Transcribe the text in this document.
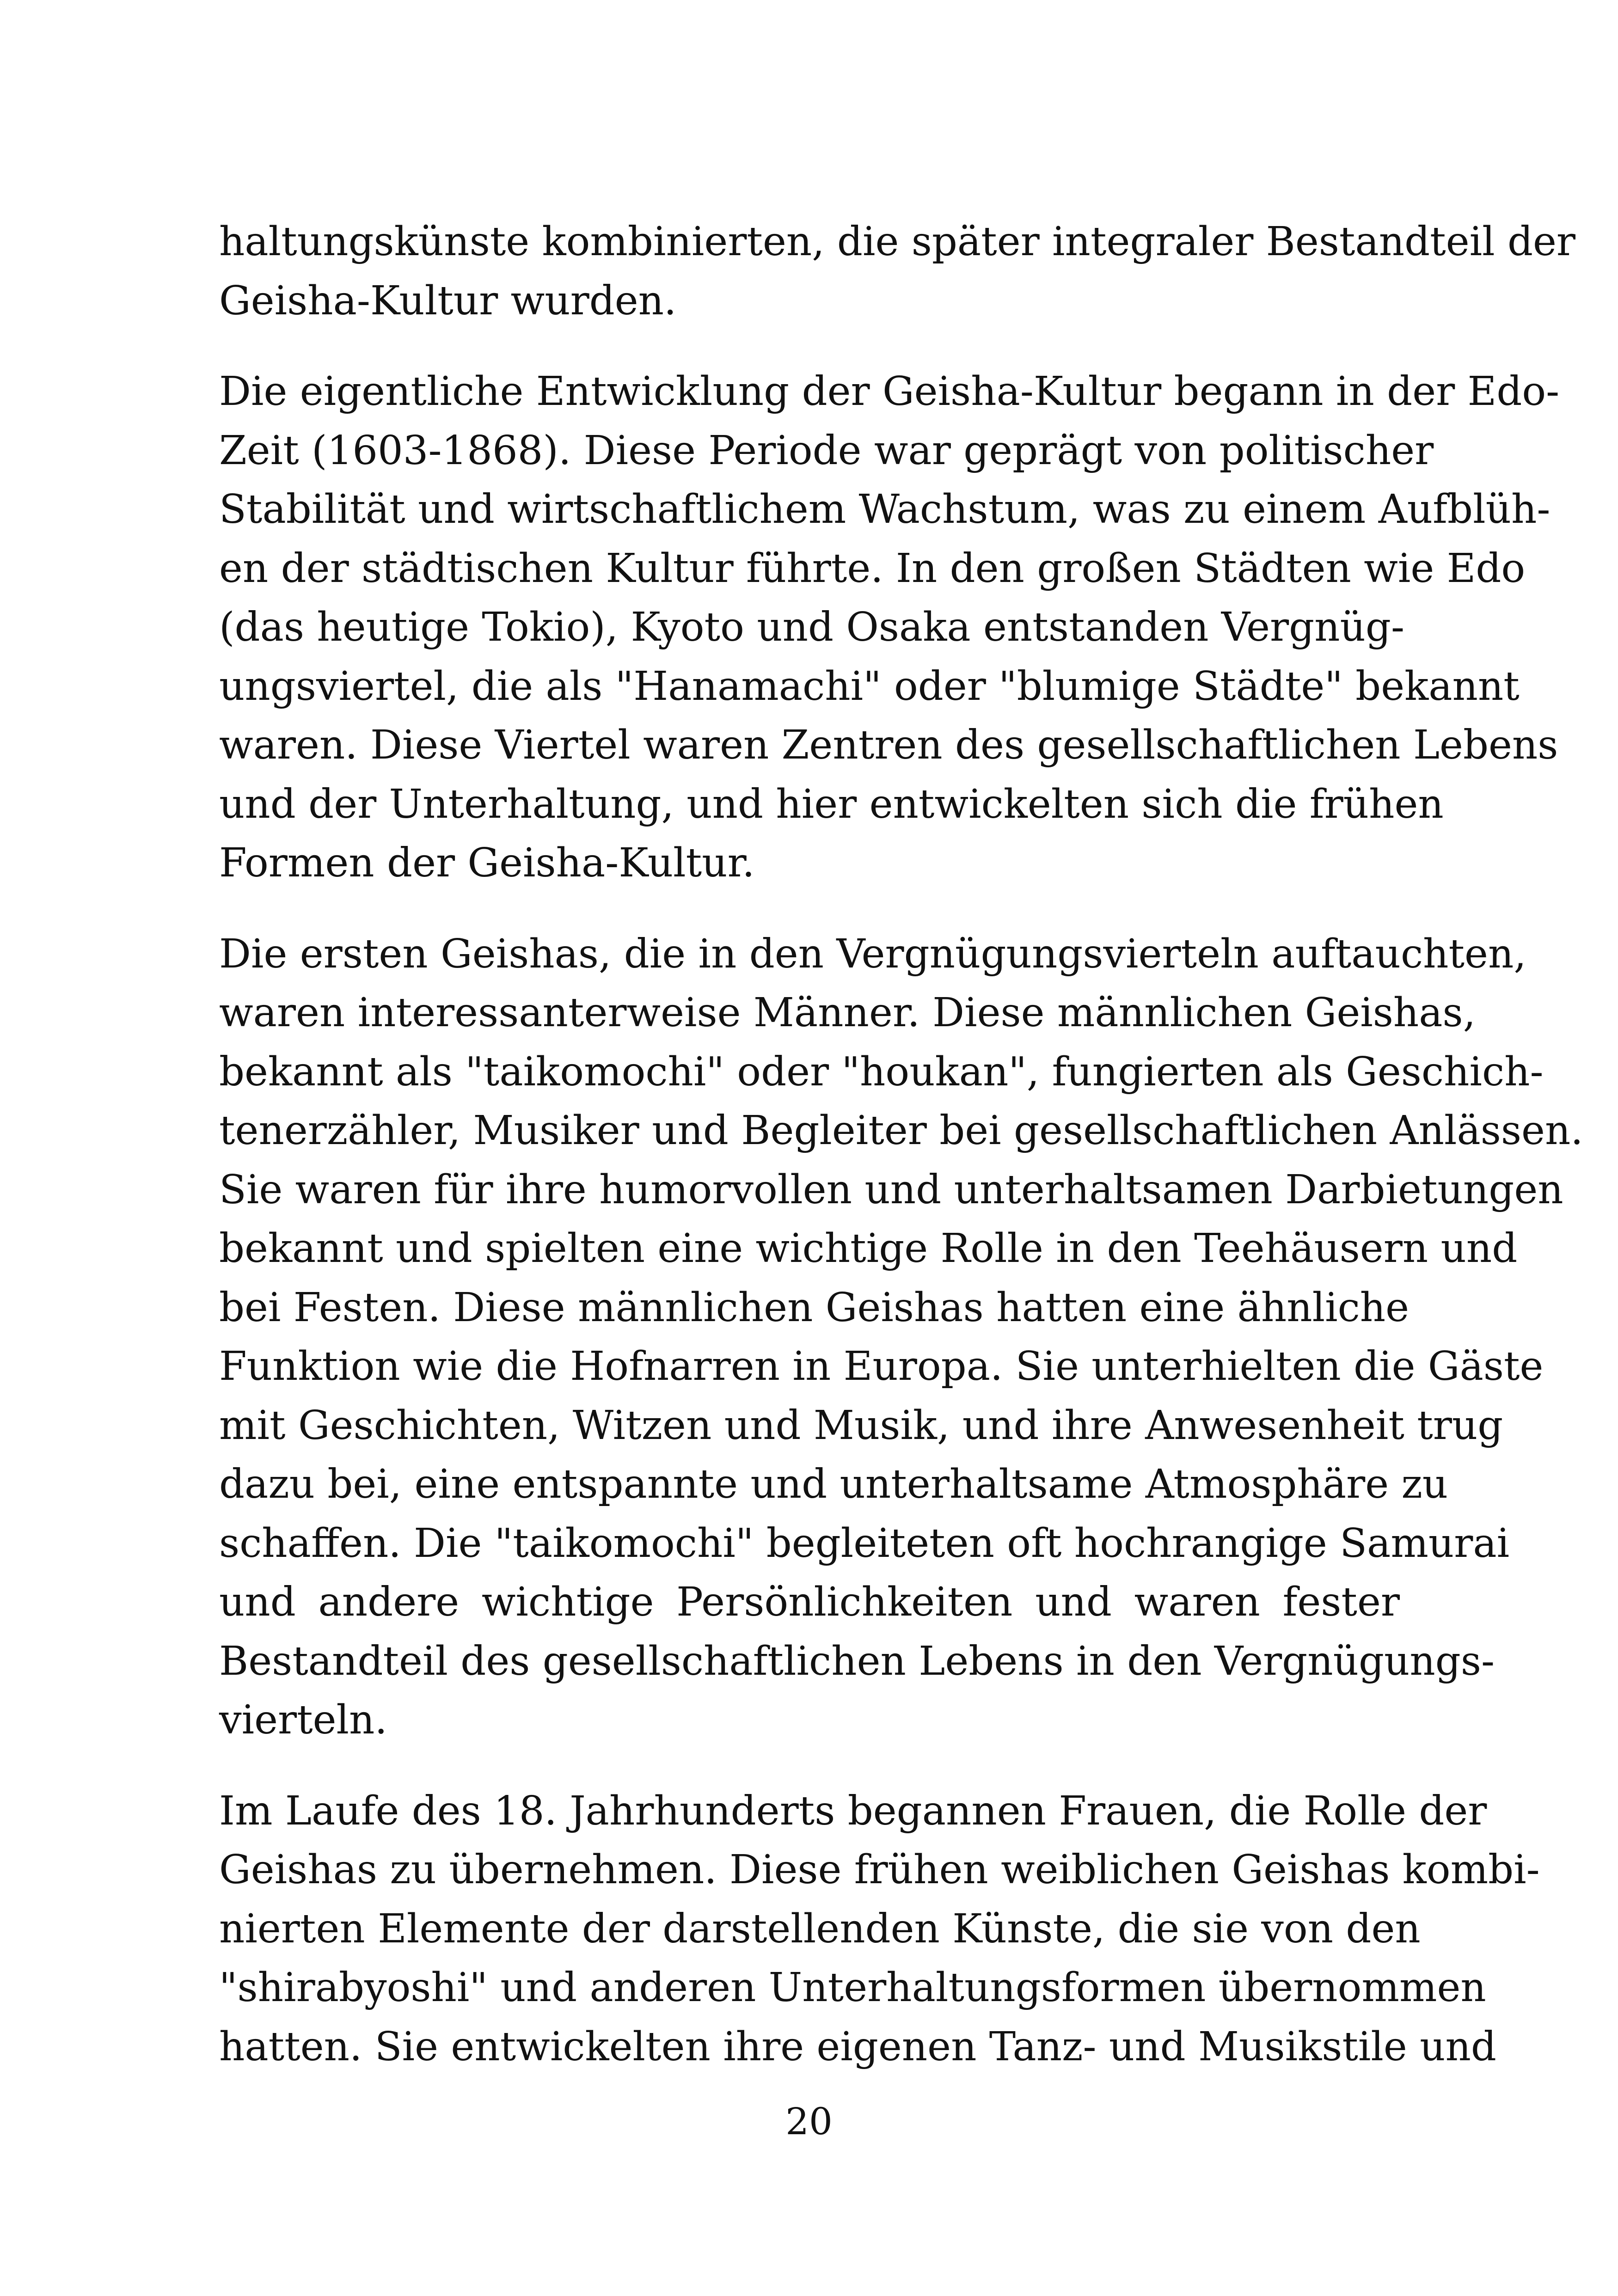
haltungskünste kombinierten, die später integraler Bestandteil der
Geisha-Kultur wurden.

Die eigentliche Entwicklung der Geisha-Kultur begann in der Edo-
Zeit (1603-1868). Diese Periode war geprägt von politischer
Stabilität und wirtschaftlichem Wachstum, was zu einem Aufblüh-
en der städtischen Kultur führte. In den großen Städten wie Edo
(das heutige Tokio), Kyoto und Osaka entstanden Vergnüg-
ungsviertel, die als "Hanamachi" oder "blumige Städte" bekannt
waren. Diese Viertel waren Zentren des gesellschaftlichen Lebens
und der Unterhaltung, und hier entwickelten sich die frühen
Formen der Geisha-Kultur.

Die ersten Geishas, die in den Vergnügungsvierteln auftauchten,
waren interessanterweise Männer. Diese männlichen Geishas,
bekannt als "taikomochi" oder "houkan", fungierten als Geschich-
tenerzähler, Musiker und Begleiter bei gesellschaftlichen Anlässen.
Sie waren für ihre humorvollen und unterhaltsamen Darbietungen
bekannt und spielten eine wichtige Rolle in den Teehäusern und
bei Festen. Diese männlichen Geishas hatten eine ähnliche
Funktion wie die Hofnarren in Europa. Sie unterhielten die Gäste
mit Geschichten, Witzen und Musik, und ihre Anwesenheit trug
dazu bei, eine entspannte und unterhaltsame Atmosphäre zu
schaffen. Die "taikomochi" begleiteten oft hochrangige Samurai
und andere wichtige Persönlichkeiten und waren fester
Bestandteil des gesellschaftlichen Lebens in den Vergnügungs-
vierteln.

Im Laufe des 18. Jahrhunderts begannen Frauen, die Rolle der
Geishas zu übernehmen. Diese frühen weiblichen Geishas kombi-
nierten Elemente der darstellenden Künste, die sie von den
"shirabyoshi" und anderen Unterhaltungsformen übernommen
hatten. Sie entwickelten ihre eigenen Tanz- und Musikstile und

20
